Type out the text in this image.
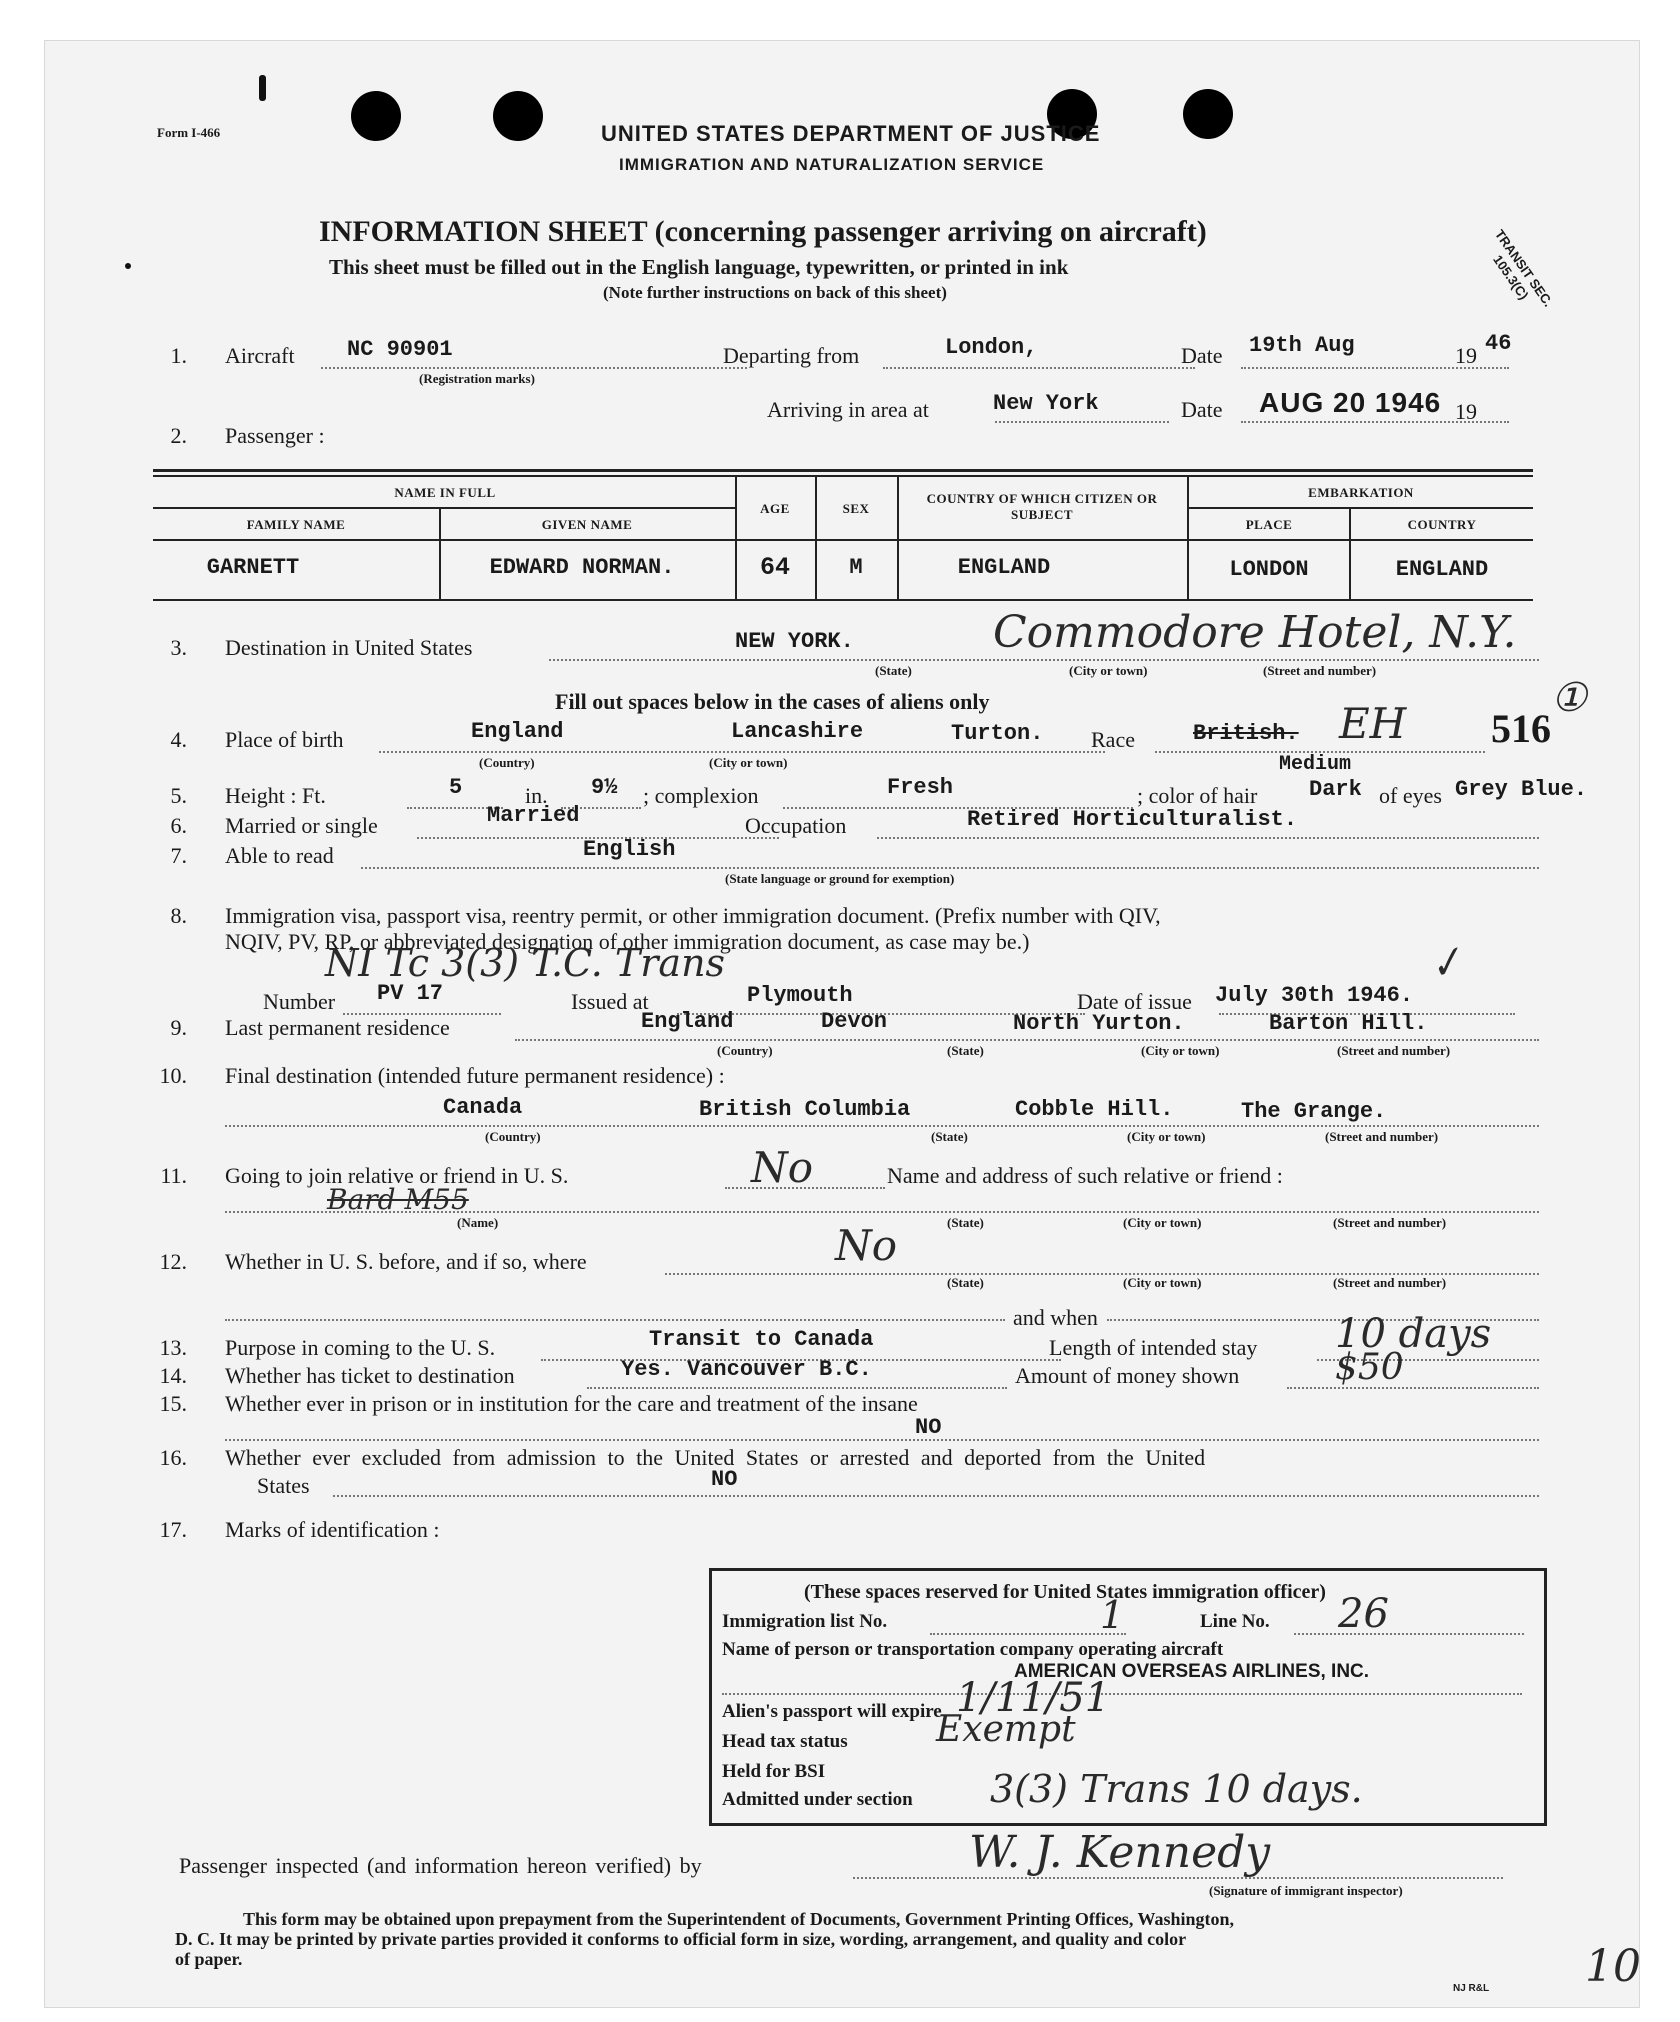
Form I-466	UNITED STATES DEPARTMENT OF JUSTICE
IMMIGRATION AND NATURALIZATION SERVICE
INFORMATION SHEET (concerning passenger arriving on aircraft)
This sheet must be filled out in the English language, typewritten, or printed in ink
(Note further instructions on back of this sheet)	TRANSIT SEC. 105.3(C)
1.
2.
3.
4.
5.
6.
7.
8.
9.
10.
11.
12.
13.
14.
15.
16.
17.
Aircraft NC 90901
(Registration marks)
Departing from	London,	Date 19th Aug	19 46
Arriving in area at	New York	Date AUG 20 1946 19
Passenger :
NAME IN FULL
FAMILY NAME	GIVEN NAME
AGE	SEX
COUNTRY OF WHICH CITIZEN OR SUBJECT
EMBARKATION
PLACE	COUNTRY
GARNETT	EDWARD NORMAN.	64	M	ENGLAND	LONDON	ENGLAND
Destination in United States	NEW YORK.	Commodore Hotel, N.Y.
(State)	(City or town)	(Street and number)
Fill out spaces below in the cases of aliens only
Place of birth	England	Lancashire	Turton.
(Country)	(City or town)
Race	British. EH 516
①
Medium
Height : Ft.	5	in. 9½ ; complexion	Fresh	; color of hair Dark of eyes Grey Blue.
Married or single	Married	Occupation	Retired Horticulturalist.
Able to read	English
(State language or ground for exemption)
Immigration visa, passport visa, reentry permit, or other immigration document. (Prefix number with QIV,
NQIV, PV, RP, or abbreviated designation of other immigration document, as case may be.)
NI Tc 3(3) T.C. Trans	✓
Number PV 17	Issued at	Plymouth	Date of issue July 30th 1946.
Last permanent residence	England	Devon	North Yurton.	Barton Hill.
(Country)	(State)	(City or town)	(Street and number)
Final destination (intended future permanent residence) :
Canada	British Columbia	Cobble Hill.	The Grange.
(Country)	(State)	(City or town)	(Street and number)
Going to join relative or friend in U. S.	No	Name and address of such relative or friend :
Bard M55
(Name)	(State)	(City or town)	(Street and number)
Whether in U. S. before, and if so, where	No
(State)	(City or town)	(Street and number)
and when
Purpose in coming to the U. S.	Transit to Canada	Length of intended stay 10 days
Whether has ticket to destination	Yes. Vancouver B.C.	Amount of money shown	$50
Whether ever in prison or in institution for the care and treatment of the insane
NO
Whether ever excluded from admission to the United States or arrested and deported from the United
States	NO
Marks of identification :
(These spaces reserved for United States immigration officer)
Immigration list No.	1	Line No. 26
Name of person or transportation company operating aircraft
AMERICAN OVERSEAS AIRLINES, INC.
Alien's passport will expire 1/11/51
Head tax status Exempt
Held for BSI
Admitted under section 3(3) Trans 10 days.
Passenger inspected (and information hereon verified) by	W. J. Kennedy
(Signature of immigrant inspector)
This form may be obtained upon prepayment from the Superintendent of Documents, Government Printing Offices, Washington,
D. C. It may be printed by private parties provided it conforms to official form in size, wording, arrangement, and quality and color
of paper.
NJ R&L 10
